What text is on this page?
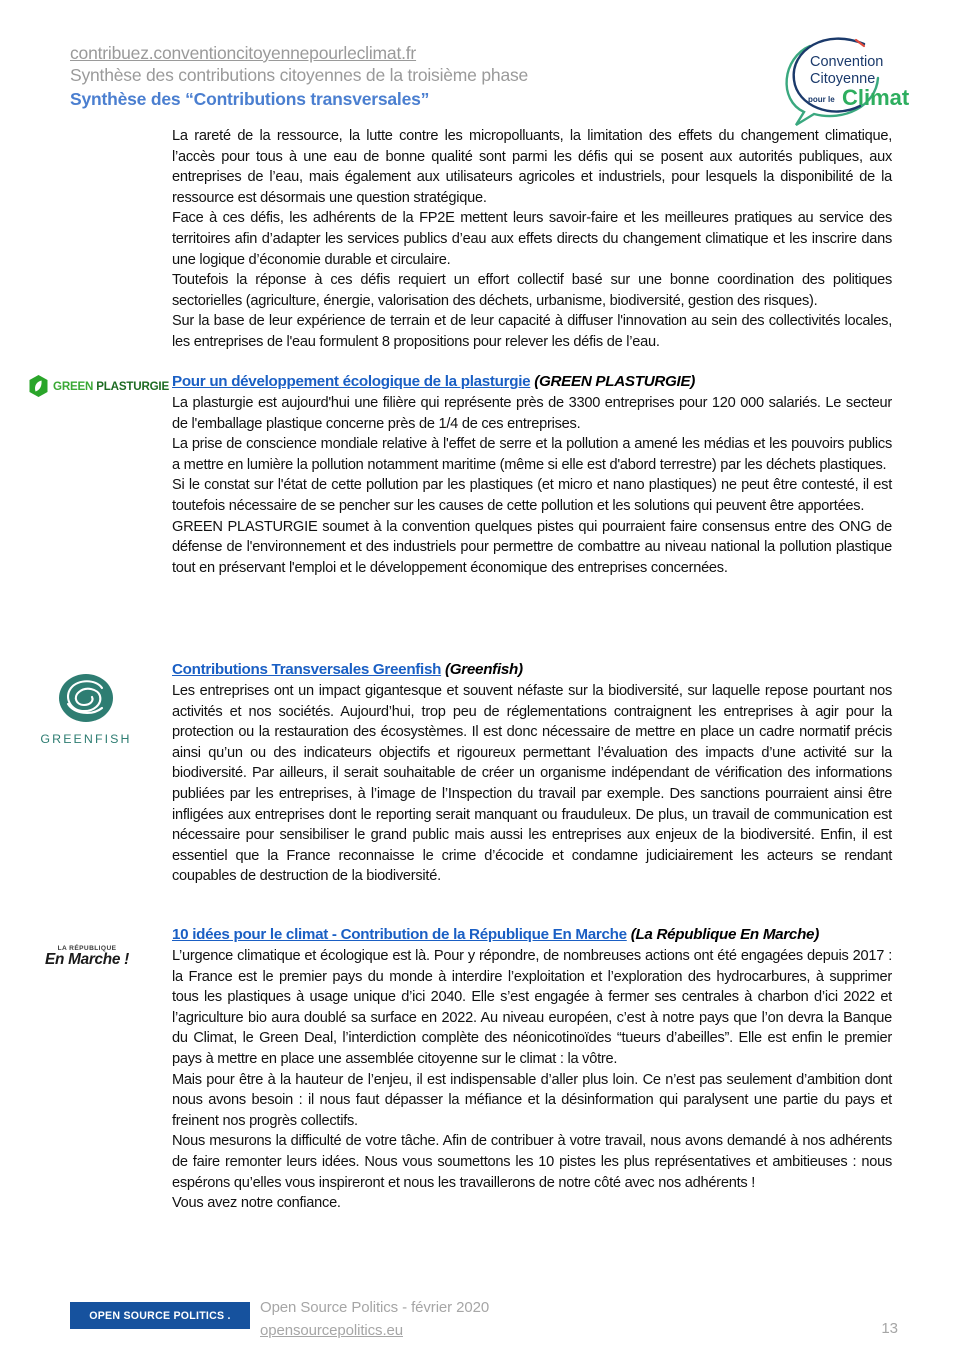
contribuez.conventioncitoyennepourleclimat.fr
Synthèse des contributions citoyennes de la troisième phase
Synthèse des “Contributions transversales”
Convention
Citoyenne
pour le Climat

La rareté de la ressource, la lutte contre les micropolluants, la limitation des effets du changement climatique, l’accès pour tous à une eau de bonne qualité sont parmi les défis qui se posent aux autorités publiques, aux entreprises de l’eau, mais également aux utilisateurs agricoles et industriels, pour lesquels la disponibilité de la ressource est désormais une question stratégique.

Face à ces défis, les adhérents de la FP2E mettent leurs savoir-faire et les meilleures pratiques au service des territoires afin d’adapter les services publics d’eau aux effets directs du changement climatique et les inscrire dans une logique d’économie durable et circulaire.

Toutefois la réponse à ces défis requiert un effort collectif basé sur une bonne coordination des politiques sectorielles (agriculture, énergie, valorisation des déchets, urbanisme, biodiversité, gestion des risques).

Sur la base de leur expérience de terrain et de leur capacité à diffuser l'innovation au sein des collectivités locales, les entreprises de l'eau formulent 8 propositions pour relever les défis de l’eau.

GREEN PLASTURGIE Pour un développement écologique de la plasturgie (GREEN PLASTURGIE)

La plasturgie est aujourd'hui une filière qui représente près de 3300 entreprises pour 120 000 salariés. Le secteur de l'emballage plastique concerne près de 1/4 de ces entreprises.

La prise de conscience mondiale relative à l'effet de serre et la pollution a amené les médias et les pouvoirs publics a mettre en lumière la pollution notamment maritime (même si elle est d'abord terrestre) par les déchets plastiques.

Si le constat sur l'état de cette pollution par les plastiques (et micro et nano plastiques) ne peut être contesté, il est toutefois nécessaire de se pencher sur les causes de cette pollution et les solutions qui peuvent être apportées.

GREEN PLASTURGIE soumet à la convention quelques pistes qui pourraient faire consensus entre des ONG de défense de l'environnement et des industriels pour permettre de combattre au niveau national la pollution plastique tout en préservant l'emploi et le développement économique des entreprises concernées.

GREENFISH
Contributions Transversales Greenfish (Greenfish)

Les entreprises ont un impact gigantesque et souvent néfaste sur la biodiversité, sur laquelle repose pourtant nos activités et nos sociétés. Aujourd’hui, trop peu de réglementations contraignent les entreprises à agir pour la protection ou la restauration des écosystèmes. Il est donc nécessaire de mettre en place un cadre normatif précis ainsi qu’un ou des indicateurs objectifs et rigoureux permettant l’évaluation des impacts d’une activité sur la biodiversité. Par ailleurs, il serait souhaitable de créer un organisme indépendant de vérification des informations publiées par les entreprises, à l’image de l’Inspection du travail par exemple. Des sanctions pourraient ainsi être infligées aux entreprises dont le reporting serait manquant ou frauduleux. De plus, un travail de communication est nécessaire pour sensibiliser le grand public mais aussi les entreprises aux enjeux de la biodiversité. Enfin, il est essentiel que la France reconnaisse le crime d’écocide et condamne judiciairement les acteurs se rendant coupables de destruction de la biodiversité.

LA RÉPUBLIQUE
En Marche !
10 idées pour le climat - Contribution de la République En Marche (La République En Marche)

L’urgence climatique et écologique est là. Pour y répondre, de nombreuses actions ont été engagées depuis 2017 : la France est le premier pays du monde à interdire l’exploitation et l’exploration des hydrocarbures, à supprimer tous les plastiques à usage unique d’ici 2040. Elle s’est engagée à fermer ses centrales à charbon d’ici 2022 et l’agriculture bio aura doublé sa surface en 2022. Au niveau européen, c’est à notre pays que l’on devra la Banque du Climat, le Green Deal, l’interdiction complète des néonicotinoïdes “tueurs d’abeilles”. Elle est enfin le premier pays à mettre en place une assemblée citoyenne sur le climat : la vôtre.

Mais pour être à la hauteur de l’enjeu, il est indispensable d’aller plus loin. Ce n’est pas seulement d’ambition dont nous avons besoin : il nous faut dépasser la méfiance et la désinformation qui paralysent une partie du pays et freinent nos progrès collectifs.

Nous mesurons la difficulté de votre tâche. Afin de contribuer à votre travail, nous avons demandé à nos adhérents de faire remonter leurs idées. Nous vous soumettons les 10 pistes les plus représentatives et ambitieuses : nous espérons qu’elles vous inspireront et nous les travaillerons de notre côté avec nos adhérents !

Vous avez notre confiance.

OPEN SOURCE POLITICS .	Open Source Politics - février 2020
opensourcepolitics.eu	13
